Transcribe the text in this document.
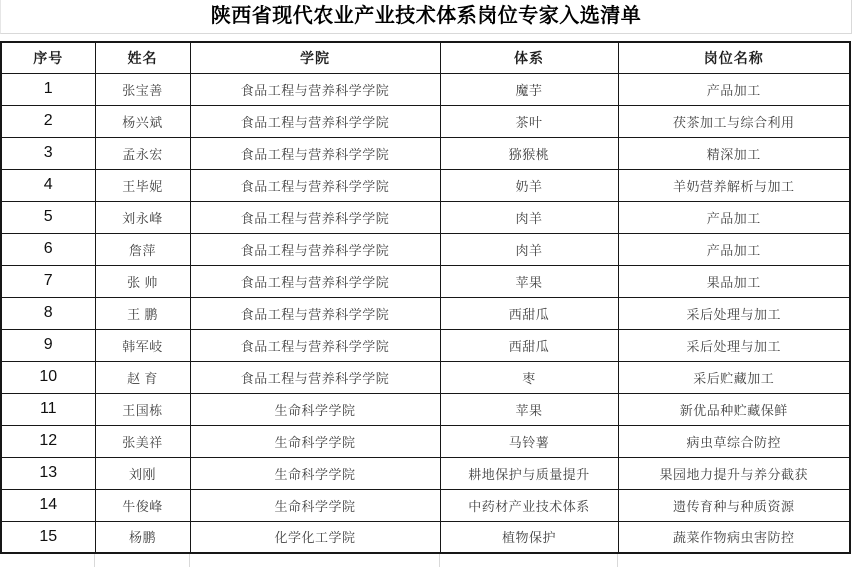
陕西省现代农业产业技术体系岗位专家入选清单
序号	姓名	学院	体系	岗位名称
1	张宝善	食品工程与营养科学学院	魔芋	产品加工
2	杨兴斌	食品工程与营养科学学院	茶叶	茯茶加工与综合利用
3	孟永宏	食品工程与营养科学学院	猕猴桃	精深加工
4	王毕妮	食品工程与营养科学学院	奶羊	羊奶营养解析与加工
5	刘永峰	食品工程与营养科学学院	肉羊	产品加工
6	詹萍	食品工程与营养科学学院	肉羊	产品加工
7	张 帅	食品工程与营养科学学院	苹果	果品加工
8	王 鹏	食品工程与营养科学学院	西甜瓜	采后处理与加工
9	韩军岐	食品工程与营养科学学院	西甜瓜	采后处理与加工
10	赵 育	食品工程与营养科学学院	枣	采后贮藏加工
11	王国栋	生命科学学院	苹果	新优品种贮藏保鲜
12	张美祥	生命科学学院	马铃薯	病虫草综合防控
13	刘刚	生命科学学院	耕地保护与质量提升	果园地力提升与养分截获
14	牛俊峰	生命科学学院	中药材产业技术体系	遗传育种与种质资源
15	杨鹏	化学化工学院	植物保护	蔬菜作物病虫害防控
